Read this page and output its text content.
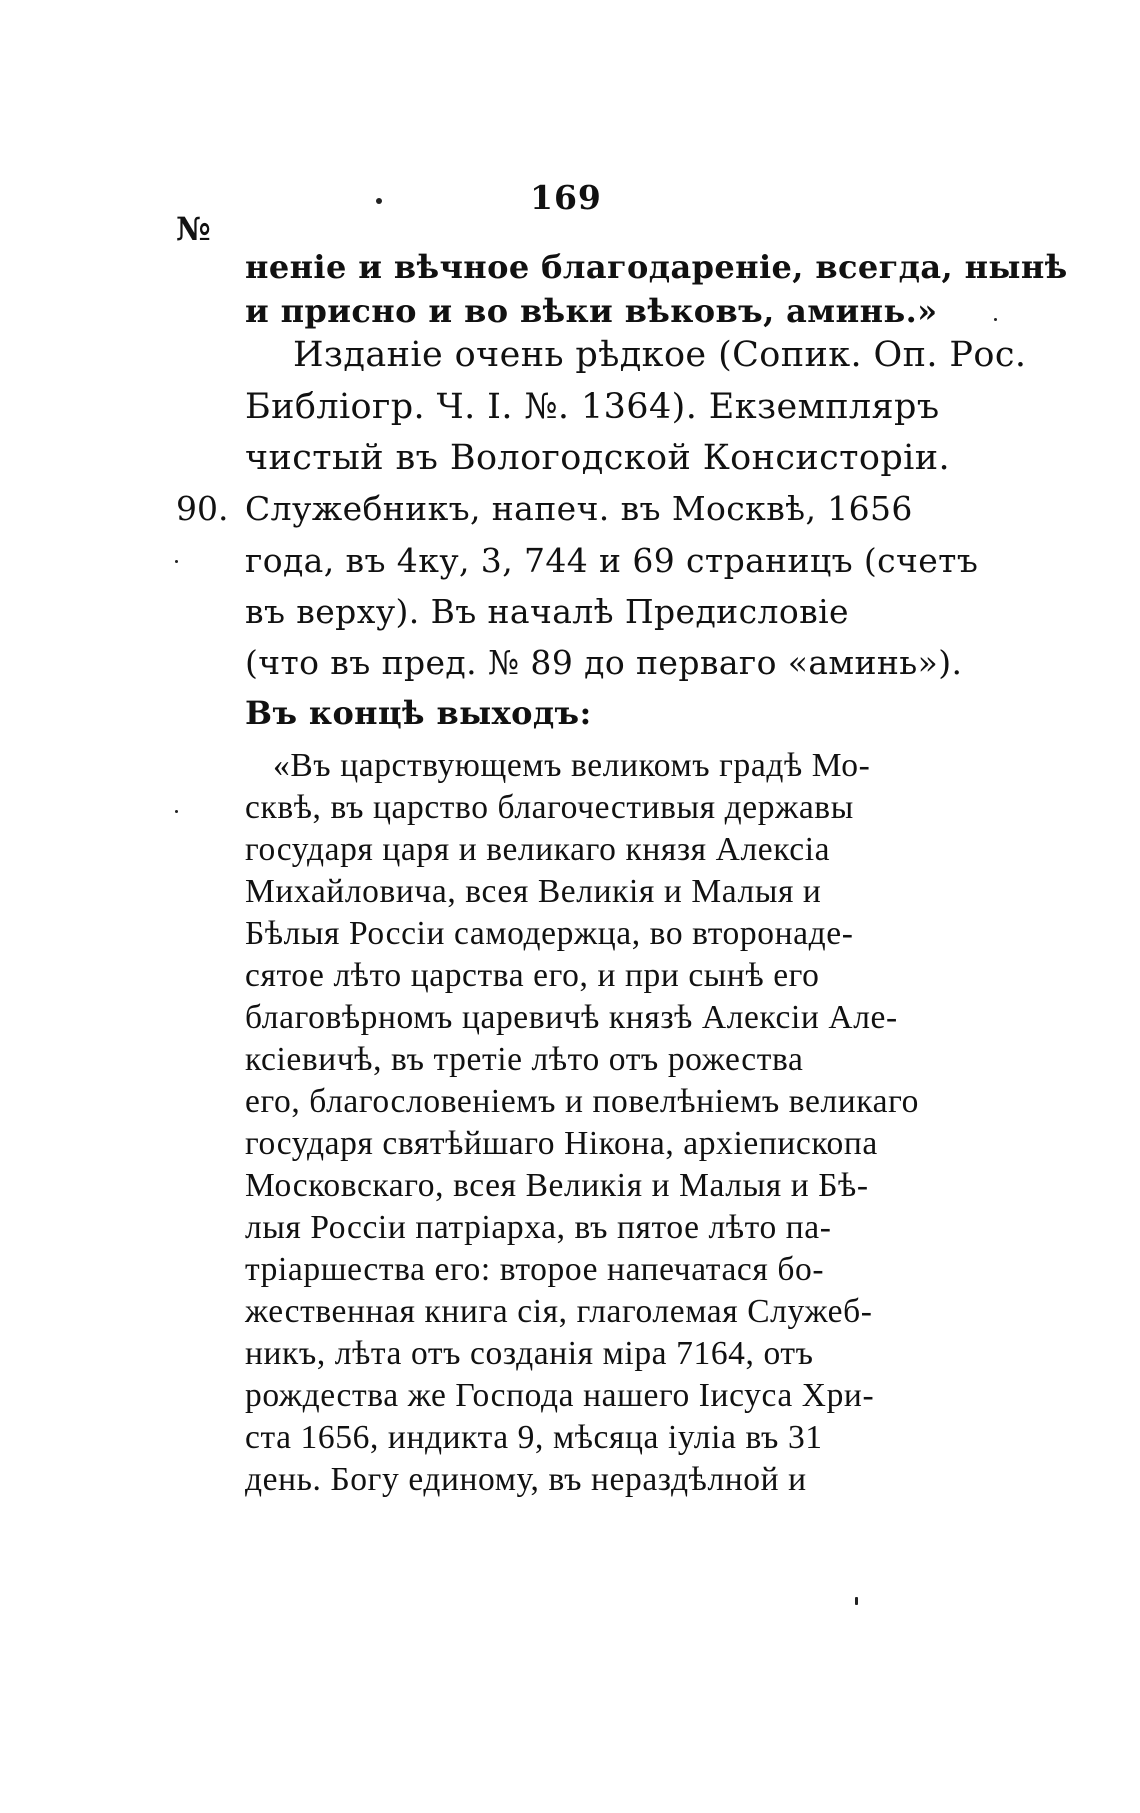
169
№
неніе и вѣчное благодареніе, всегда, нынѣ
и присно и во вѣки вѣковъ, аминь.»
Изданіе очень рѣдкое (Сопик. Оп. Рос.
Библіогр. Ч. I. №. 1364). Екземпляръ
чистый въ Вологодской Консисторіи.
90. Служебникъ, напеч. въ Москвѣ, 1656
года, въ 4ку, 3, 744 и 69 страницъ (счетъ
въ верху). Въ началѣ Предисловіе
(что въ пред. № 89 до перваго «аминь»).
Въ концѣ выходъ:
«Въ царствующемъ великомъ градѣ Мо-
сквѣ, въ царство благочестивыя державы
государя царя и великаго князя Алексіа
Михайловича, всея Великія и Малыя и
Бѣлыя Россіи самодержца, во второнаде-
сятое лѣто царства его, и при сынѣ его
благовѣрномъ царевичѣ князѣ Алексіи Але-
ксіевичѣ, въ третіе лѣто отъ рожества
его, благословеніемъ и повелѣніемъ великаго
государя святѣйшаго Нікона, архіепископа
Московскаго, всея Великія и Малыя и Бѣ-
лыя Россіи патріарха, въ пятое лѣто па-
тріаршества его: второе напечатася бо-
жественная книга сія, глаголемая Служеб-
никъ, лѣта отъ созданія міра 7164, отъ
рождества же Господа нашего Іисуса Хри-
ста 1656, индикта 9, мѣсяца іуліа въ 31
день. Богу единому, въ нераздѣлной и
